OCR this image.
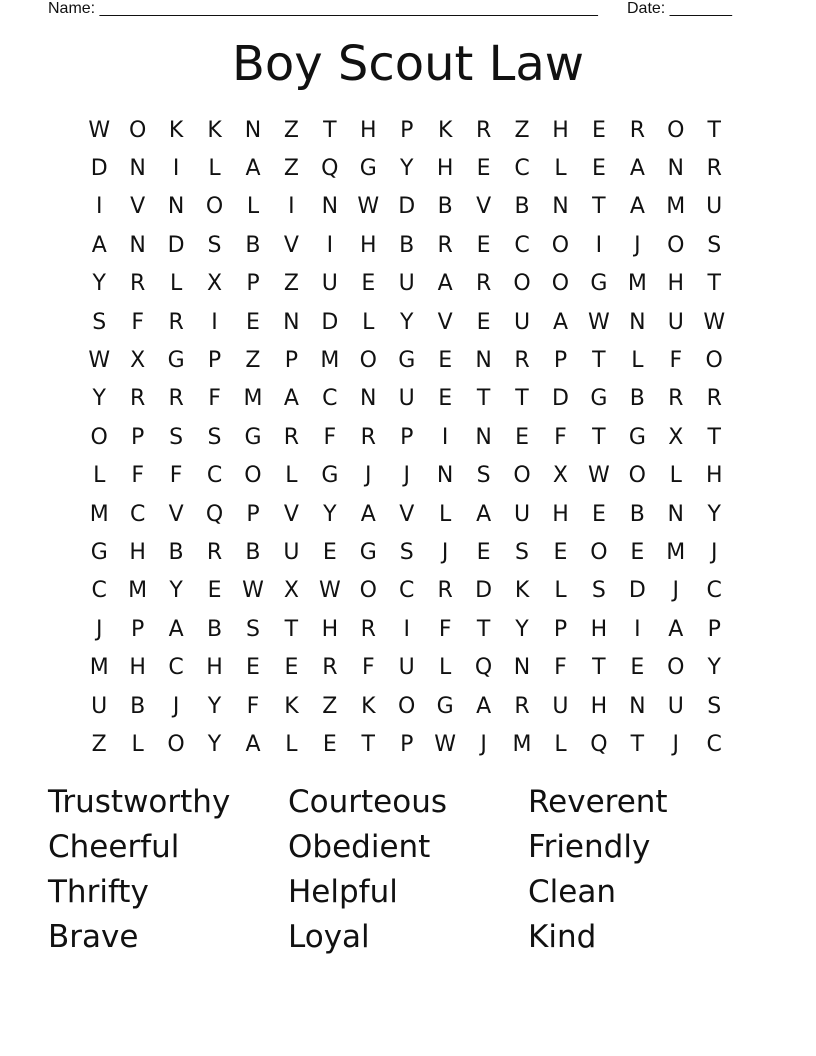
Name: ________________________________________________________ Date: _______
Boy Scout Law
W O	K	K	N	Z	T	H	P	K	R	Z	H	E	R	O	T
D N	I	L	A	Z	Q G	Y	H	E	C	L	E	A	N	R
I	V	N O	L	I	N W D	B	V	B	N	T	A M U
A	N D	S	B	V	I	H	B	R	E	C	O	I	J	O	S
Y	R	L	X	P	Z	U	E	U	A	R	O O G M H	T
S	F	R	I	E	N D	L	Y	V	E	U	A W N	U W
W X	G	P	Z	P	M O G	E	N	R	P	T	L	F	O
Y	R	R	F	M A	C	N	U	E	T	T	D G	B	R	R
O	P	S	S	G	R	F	R	P	I	N	E	F	T	G	X	T
L	F	F	C	O	L	G	J	J	N	S	O	X W O	L	H
M C	V	Q	P	V	Y	A	V	L	A	U	H	E	B	N	Y
G H	B	R	B	U	E	G	S	J	E	S	E	O	E M	J
C M	Y	E W X W O	C	R	D	K	L	S	D	J	C
J	P	A	B	S	T	H	R	I	F	T	Y	P	H	I	A	P
M H	C	H	E	E	R	F	U	L	Q N	F	T	E	O	Y
U	B	J	Y	F	K	Z	K	O G	A	R	U	H N	U	S
Z	L	O	Y	A	L	E	T	P W	J	M	L	Q	T	J	C
Trustworthy	Courteous	Reverent
Cheerful	Obedient	Friendly
Thrifty	Helpful	Clean
Brave	Loyal	Kind
